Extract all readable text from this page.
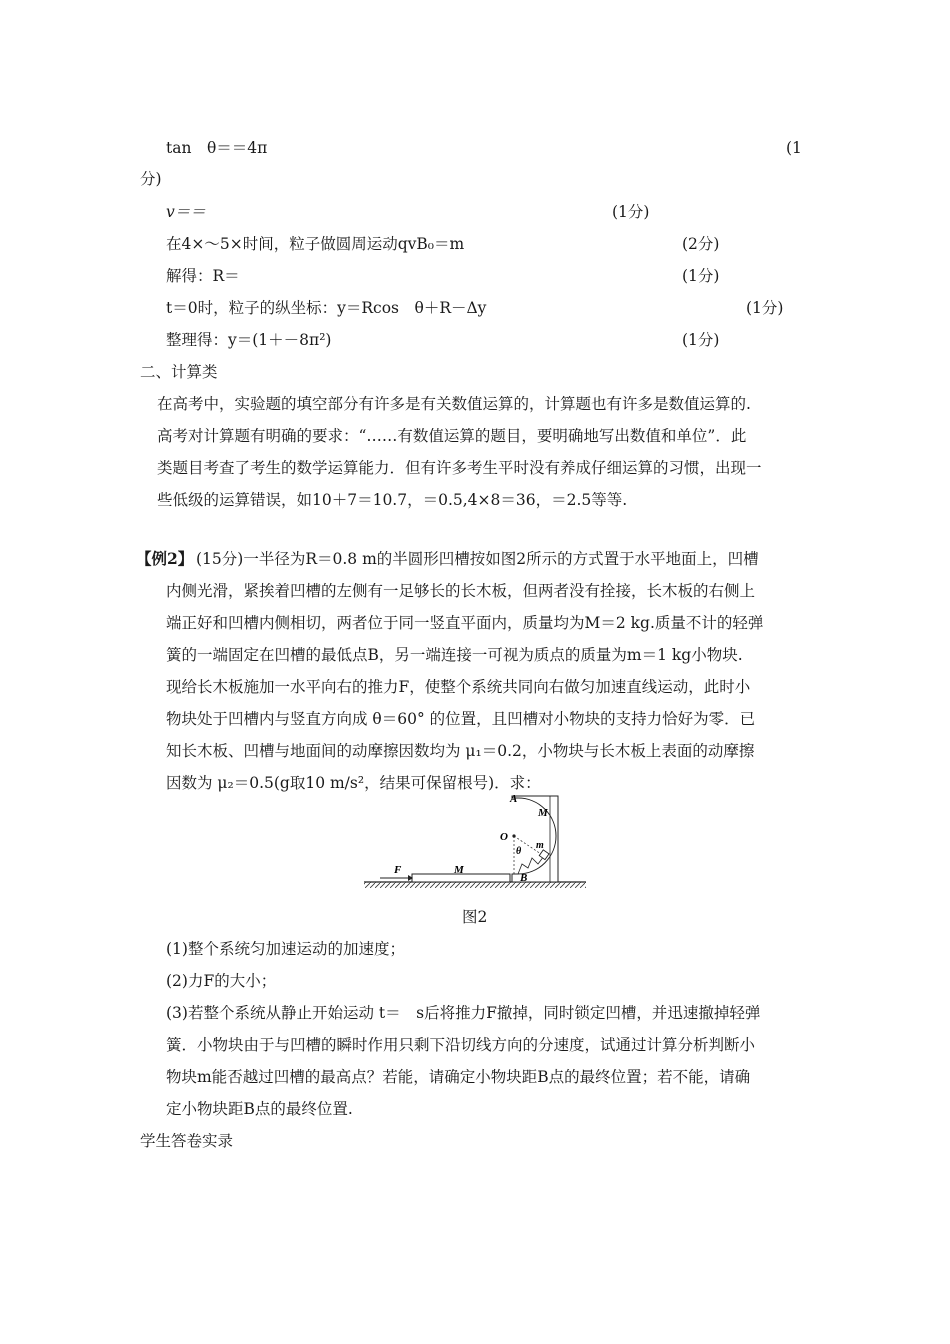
tan　θ＝＝4π	(1
分)
v＝＝	(1分)
在4×～5×时间，粒子做圆周运动qvB₀＝m	(2分)
解得：R＝	(1分)
t＝0时，粒子的纵坐标：y＝Rcos　θ＋R－Δy	(1分)
整理得：y＝(1＋－8π²)	(1分)
二、计算类
在高考中，实验题的填空部分有许多是有关数值运算的，计算题也有许多是数值运算的.
高考对计算题有明确的要求：“……有数值运算的题目，要明确地写出数值和单位”．此
类题目考查了考生的数学运算能力．但有许多考生平时没有养成仔细运算的习惯，出现一
些低级的运算错误，如10＋7＝10.7，＝0.5,4×8＝36，＝2.5等等.
【例2】 (15分)一半径为R＝0.8 m的半圆形凹槽按如图2所示的方式置于水平地面上，凹槽
内侧光滑，紧挨着凹槽的左侧有一足够长的长木板，但两者没有拴接，长木板的右侧上
端正好和凹槽内侧相切，两者位于同一竖直平面内，质量均为M＝2 kg.质量不计的轻弹
簧的一端固定在凹槽的最低点B，另一端连接一可视为质点的质量为m＝1 kg小物块.
现给长木板施加一水平向右的推力F，使整个系统共同向右做匀加速直线运动，此时小
物块处于凹槽内与竖直方向成 θ＝60° 的位置，且凹槽对小物块的支持力恰好为零．已
知长木板、凹槽与地面间的动摩擦因数均为 μ₁＝0.2，小物块与长木板上表面的动摩擦
因数为 μ₂＝0.5(g取10 m/s²，结果可保留根号)．求：
A
M
O
θ
m
F	M
B
图2
(1)整个系统匀加速运动的加速度；
(2)力F的大小；
(3)若整个系统从静止开始运动 t＝　s后将推力F撤掉，同时锁定凹槽，并迅速撤掉轻弹
簧．小物块由于与凹槽的瞬时作用只剩下沿切线方向的分速度，试通过计算分析判断小
物块m能否越过凹槽的最高点？若能，请确定小物块距B点的最终位置；若不能，请确
定小物块距B点的最终位置.
学生答卷实录
